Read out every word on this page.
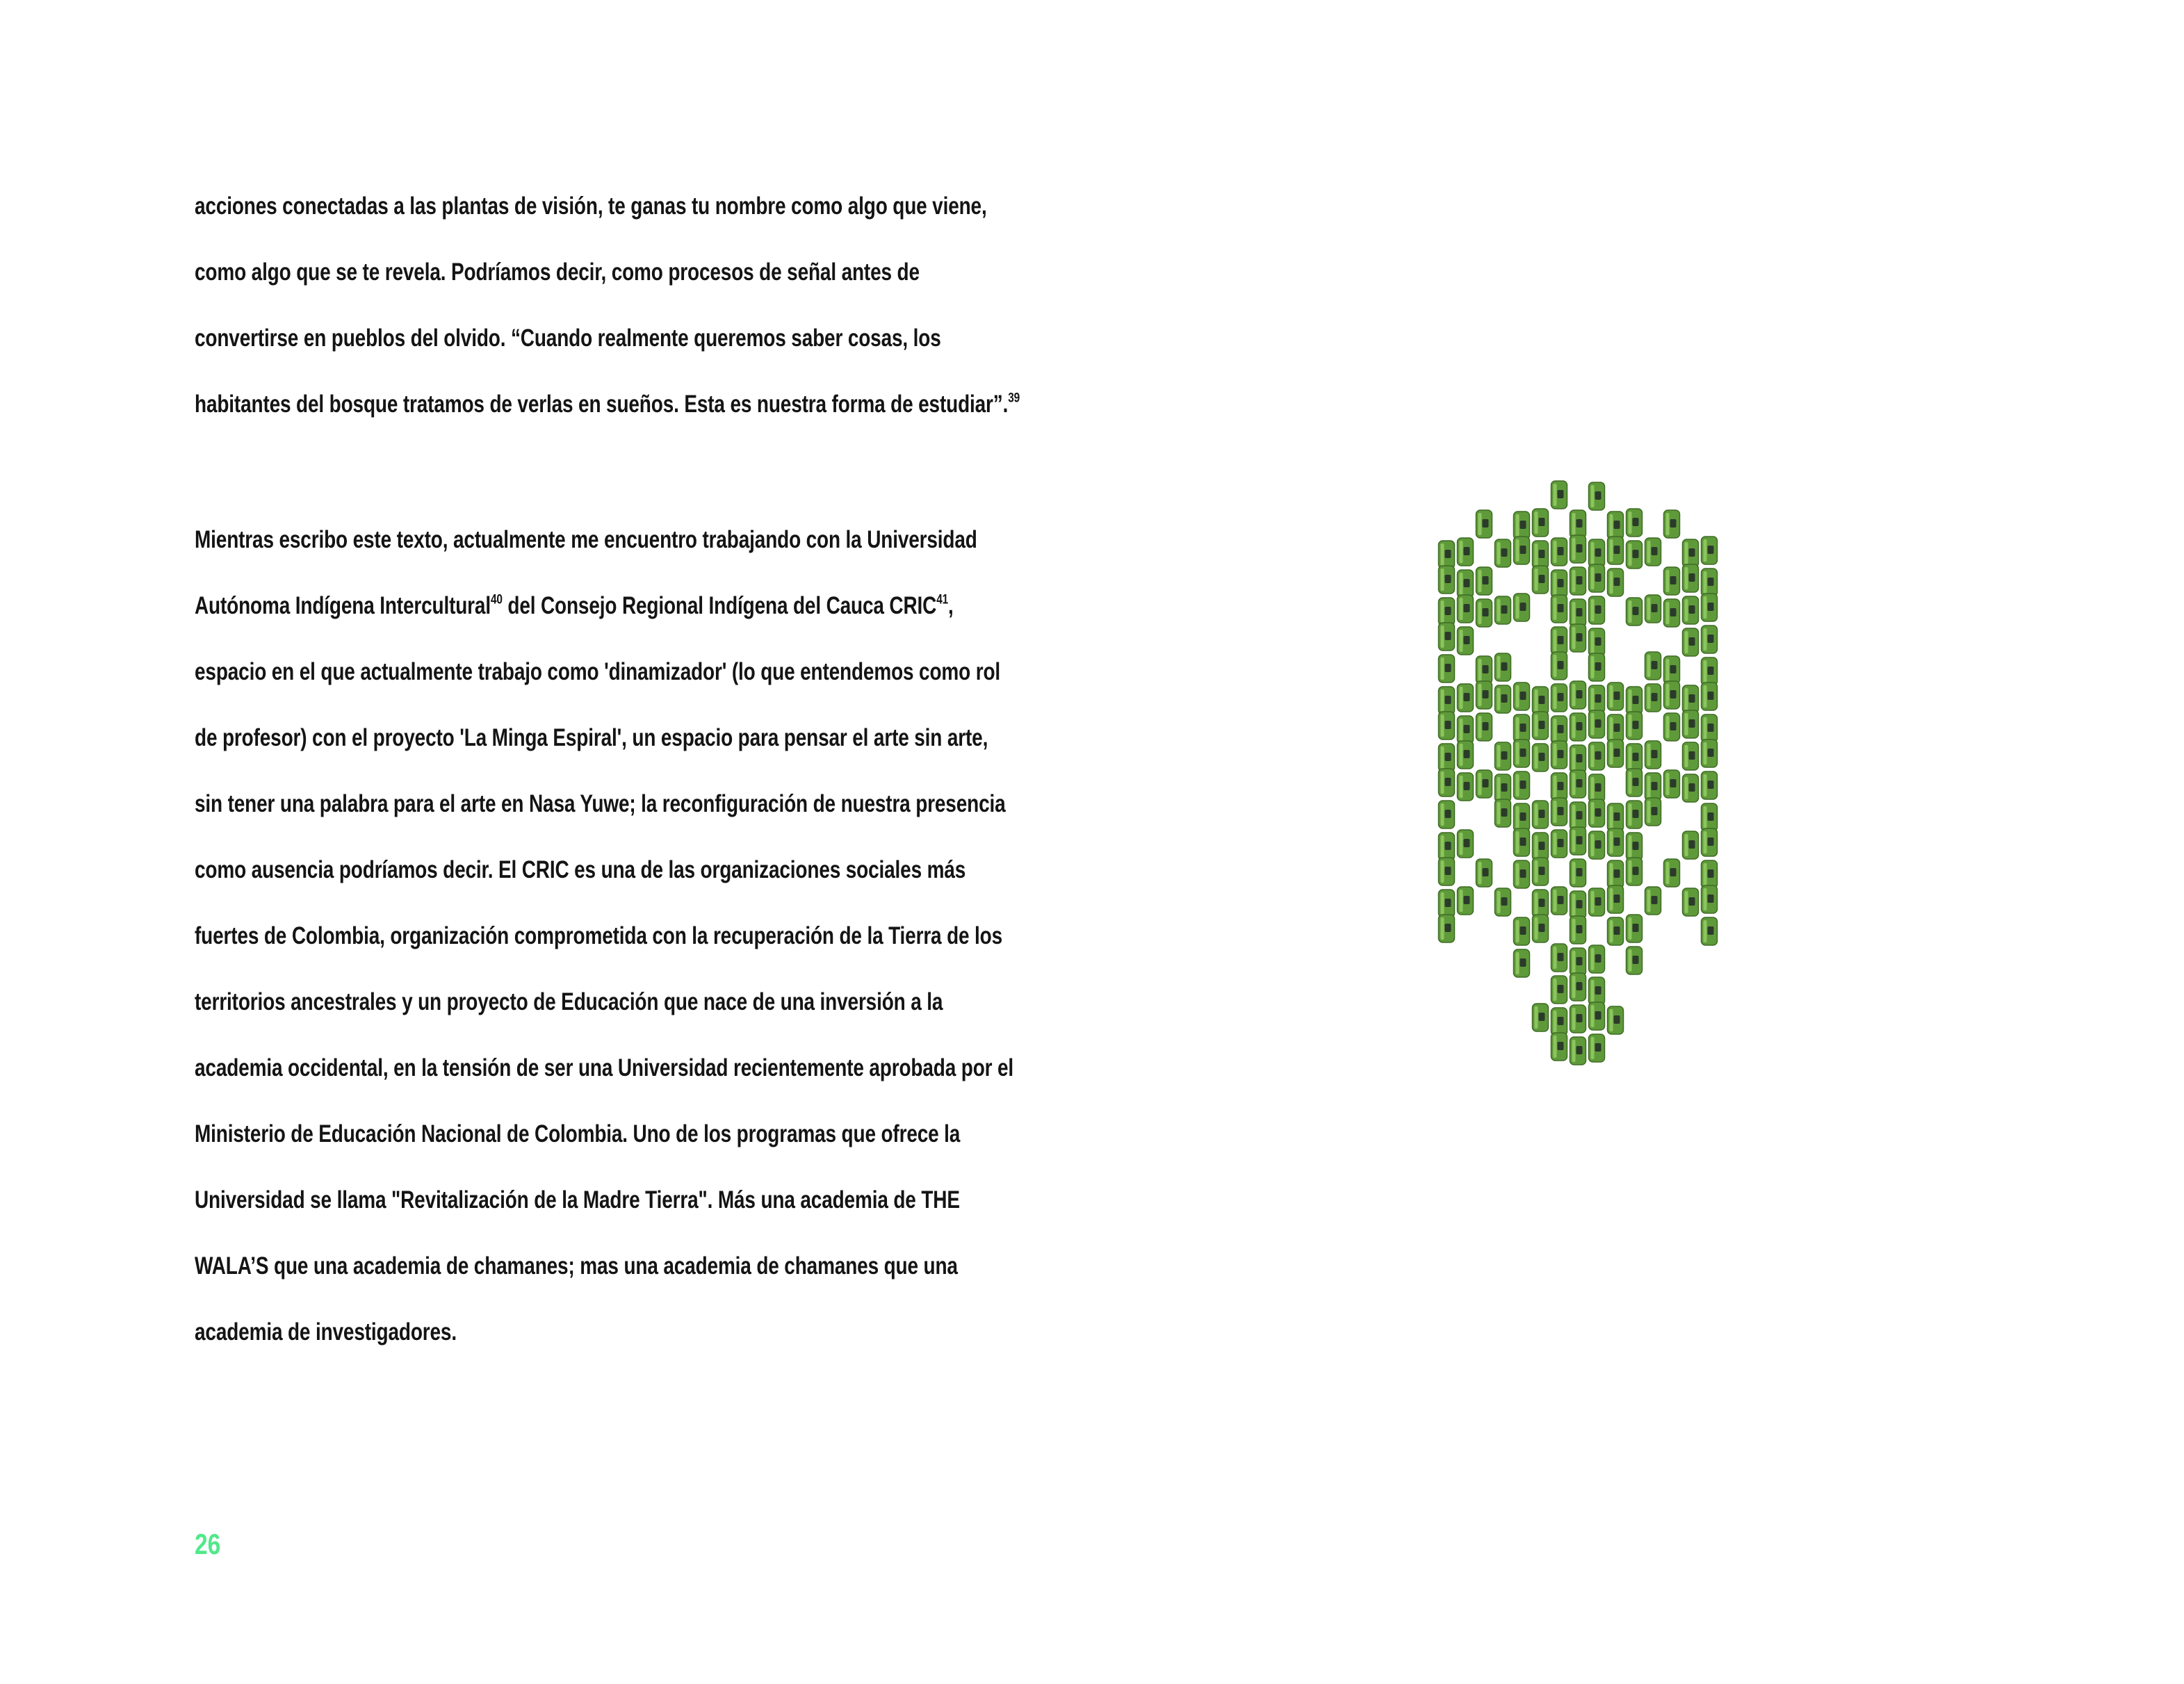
acciones conectadas a las plantas de visión, te ganas tu nombre como algo que viene,
como algo que se te revela. Podríamos decir, como procesos de señal antes de
convertirse en pueblos del olvido. “Cuando realmente queremos saber cosas, los
habitantes del bosque tratamos de verlas en sueños. Esta es nuestra forma de estudiar”.$^{39}$
Mientras escribo este texto, actualmente me encuentro trabajando con la Universidad
Autónoma Indígena Intercultural$^{40}$ del Consejo Regional Indígena del Cauca CRIC$^{41}$,
espacio en el que actualmente trabajo como 'dinamizador' (lo que entendemos como rol
de profesor) con el proyecto 'La Minga Espiral', un espacio para pensar el arte sin arte,
sin tener una palabra para el arte en Nasa Yuwe; la reconfiguración de nuestra presencia
como ausencia podríamos decir. El CRIC es una de las organizaciones sociales más
fuertes de Colombia, organización comprometida con la recuperación de la Tierra de los
territorios ancestrales y un proyecto de Educación que nace de una inversión a la
academia occidental, en la tensión de ser una Universidad recientemente aprobada por el
Ministerio de Educación Nacional de Colombia. Uno de los programas que ofrece la
Universidad se llama "Revitalización de la Madre Tierra". Más una academia de THE
WALA’S que una academia de chamanes; mas una academia de chamanes que una
academia de investigadores.
26
